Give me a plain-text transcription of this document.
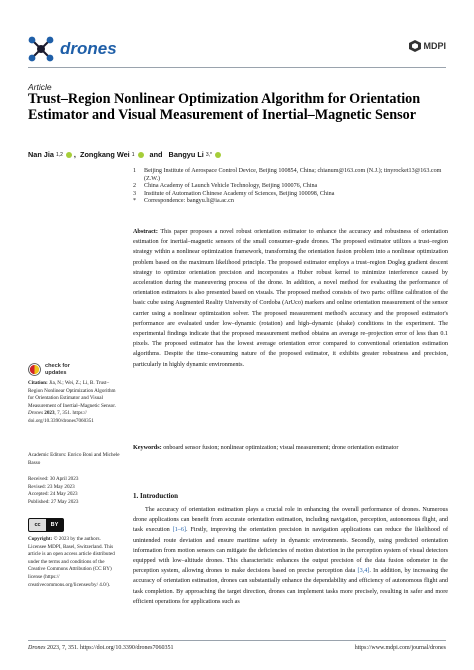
drones	MDPI
Article
Trust–Region Nonlinear Optimization Algorithm for Orientation Estimator and Visual Measurement of Inertial–Magnetic Sensor
Nan Jia 1,2 , Zongkang Wei 1
and
Bangyu Li 3,*
1	Beijing Institute of Aerospace Control Device, Beijing 100854, China; chianum@163.com (N.J.); tinyrocket13@163.com (Z.W.)
2	China Academy of Launch Vehicle Technology, Beijing 100076, China
3	Institute of Automation Chinese Academy of Sciences, Beijing 100098, China
*	Correspondence: bangyu.li@ia.ac.cn
Abstract: This paper proposes a novel robust orientation estimator to enhance the accuracy and robustness of orientation estimation for inertial–magnetic sensors of the small consumer–grade drones. The proposed estimator utilizes a trust–region strategy within a nonlinear optimization framework, transforming the orientation fusion problem into a nonlinear optimization problem based on the maximum likelihood principle. The proposed estimator employs a trust–region Dogleg gradient descent strategy to optimize orientation precision and incorporates a Huber robust kernel to minimize interference caused by acceleration during the maneuvering process of the drone. In addition, a novel method for evaluating the performance of orientation estimators is also presented based on visuals. The proposed method consists of two parts: offline calibration of the basic cube using Augmented Reality University of Cordoba (ArUco) markers and online orientation measurement of the sensor carrier using a nonlinear optimization solver. The proposed measurement method's accuracy and the proposed estimator's performance are evaluated under low–dynamic (rotation) and high–dynamic (shake) conditions in the experiment. The experimental findings indicate that the proposed measurement method obtains an average re–projection error of less than 0.1 pixels. The proposed estimator has the lowest average orientation error compared to conventional orientation estimation algorithms. Despite the time–consuming nature of the proposed estimator, it exhibits greater robustness and precision, particularly in highly dynamic environments.
Keywords: onboard sensor fusion; nonlinear optimization; visual measurement; drone orientation estimator
1. Introduction
The accuracy of orientation estimation plays a crucial role in enhancing the overall performance of drones. Numerous drone applications can benefit from accurate orientation estimation, including navigation, perception, autonomous flight, and task execution [1–6]. Firstly, improving the orientation precision in navigation applications can reduce the likelihood of unintended route deviation and ensure maritime safety in dynamic environments. Secondly, using predicted orientation information from motion sensors can mitigate the deficiencies of motion distortion in the perception system of visual detectors equipped with low–altitude drones. This characteristic enhances the output precision of the data fusion odometer in the perception system, allowing drones to make decisions based on precise perception data [3,4]. In addition, by increasing the accuracy of orientation estimation, drones can substantially enhance the dependability and efficiency of autonomous flight and task completion. By approaching the target direction, drones can implement tasks more precisely, resulting in safer and more efficient operations for applications such as
check for
updates
Citation: Jia, N.; Wei, Z.; Li, B. Trust–Region Nonlinear Optimization Algorithm for Orientation Estimator and Visual Measurement of Inertial–Magnetic Sensor. Drones 2023, 7, 351. https:// doi.org/10.3390/drones7060351
Academic Editors: Enrico Boni and Michele Basso
Received: 30 April 2023
Revised: 23 May 2023
Accepted: 24 May 2023
Published: 27 May 2023
cc	BY
Copyright: © 2023 by the authors. Licensee MDPI, Basel, Switzerland. This article is an open access article distributed under the terms and conditions of the Creative Commons Attribution (CC BY) license (https:// creativecommons.org/licenses/by/ 4.0/).
Drones 2023, 7, 351. https://doi.org/10.3390/drones7060351	https://www.mdpi.com/journal/drones
